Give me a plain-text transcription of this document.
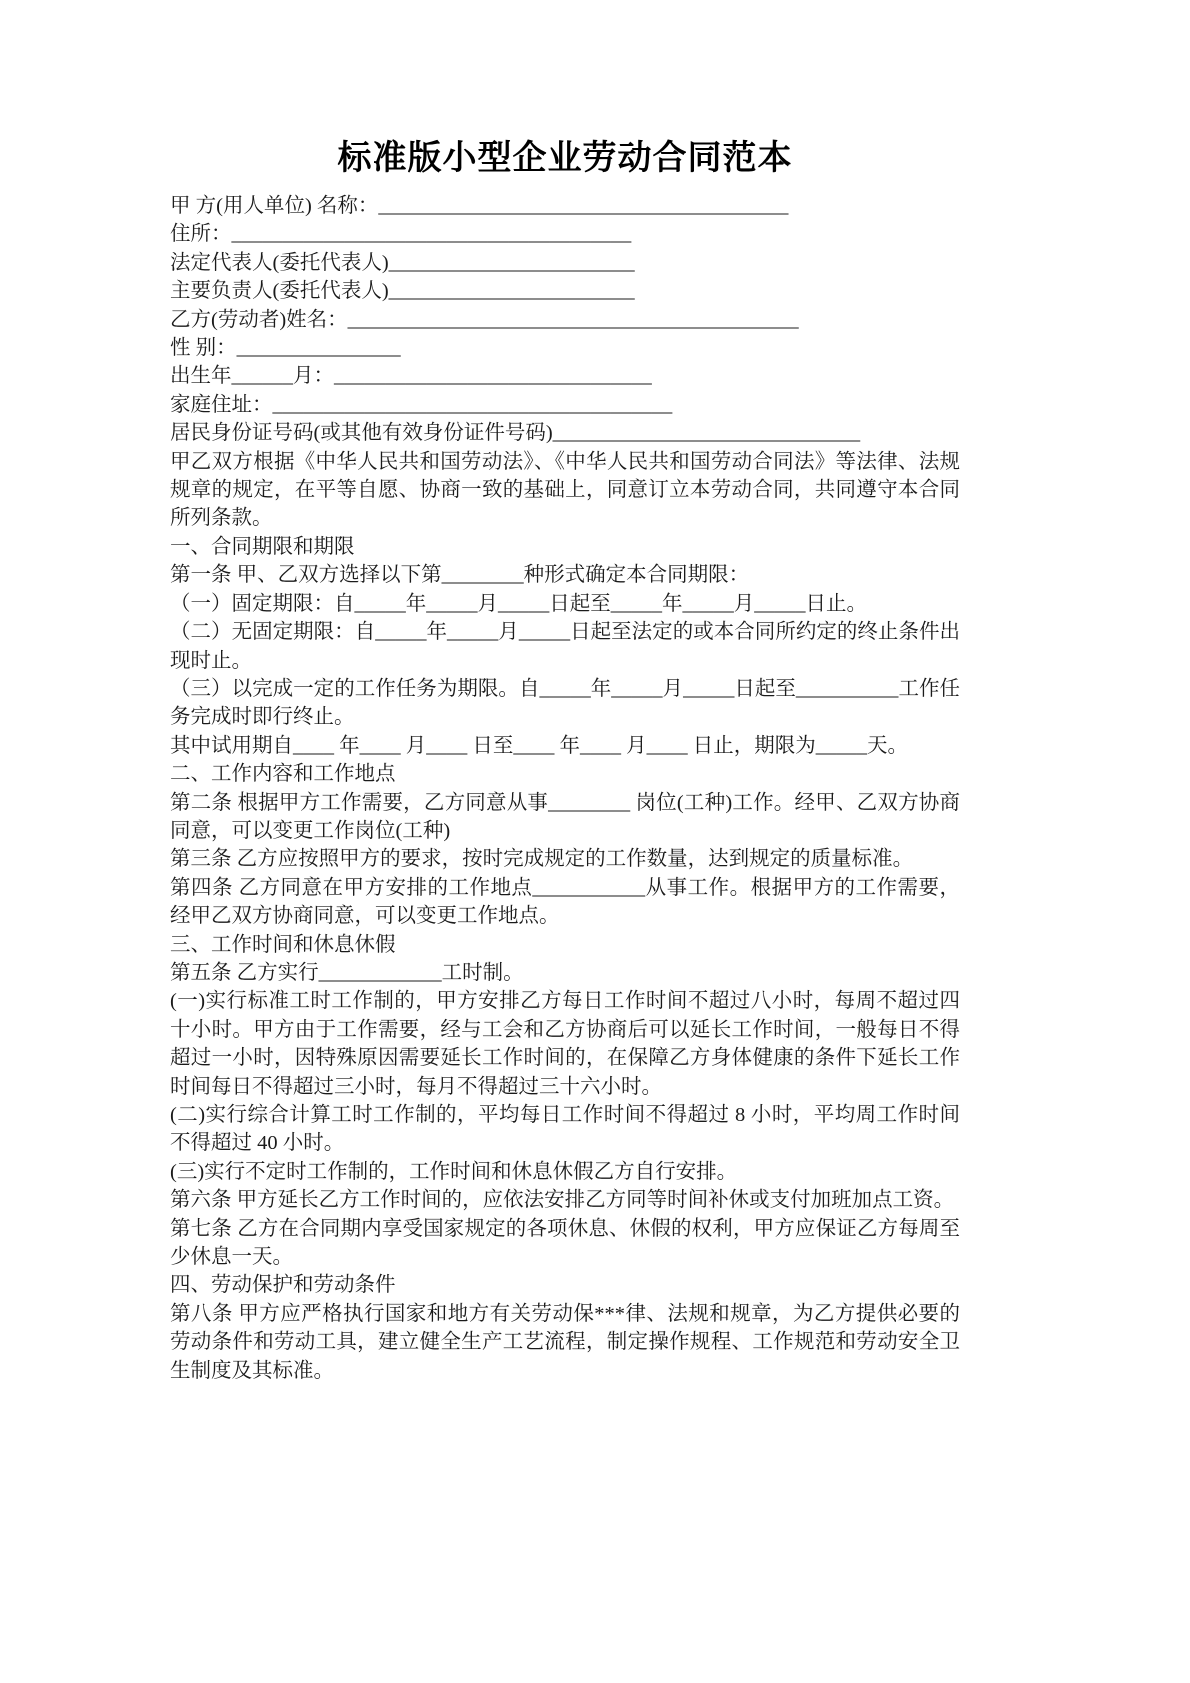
标准版小型企业劳动合同范本

甲 方(用人单位) 名称：________________________________________

住所：_______________________________________

法定代表人(委托代表人)________________________

主要负责人(委托代表人)________________________

乙方(劳动者)姓名：____________________________________________

性 别：________________

出生年______月：_______________________________

家庭住址：_______________________________________

居民身份证号码(或其他有效身份证件号码)______________________________

甲乙双方根据《中华人民共和国劳动法》、《中华人民共和国劳动合同法》等法律、法规规章的规定，在平等自愿、协商一致的基础上，同意订立本劳动合同，共同遵守本合同所列条款。

一、合同期限和期限

第一条 甲、乙双方选择以下第________种形式确定本合同期限：

（一）固定期限：自_____年_____月_____日起至_____年_____月_____日止。

（二）无固定期限：自_____年_____月_____日起至法定的或本合同所约定的终止条件出现时止。

（三）以完成一定的工作任务为期限。自_____年_____月_____日起至__________工作任务完成时即行终止。

其中试用期自____ 年____ 月____ 日至____ 年____ 月____ 日止，期限为_____天。

二、工作内容和工作地点

第二条 根据甲方工作需要，乙方同意从事________ 岗位(工种)工作。经甲、乙双方协商同意，可以变更工作岗位(工种)

第三条 乙方应按照甲方的要求，按时完成规定的工作数量，达到规定的质量标准。

第四条 乙方同意在甲方安排的工作地点___________从事工作。根据甲方的工作需要，经甲乙双方协商同意，可以变更工作地点。

三、工作时间和休息休假

第五条 乙方实行____________工时制。

(一)实行标准工时工作制的，甲方安排乙方每日工作时间不超过八小时，每周不超过四十小时。甲方由于工作需要，经与工会和乙方协商后可以延长工作时间，一般每日不得超过一小时，因特殊原因需要延长工作时间的，在保障乙方身体健康的条件下延长工作时间每日不得超过三小时，每月不得超过三十六小时。

(二)实行综合计算工时工作制的，平均每日工作时间不得超过 8 小时，平均周工作时间不得超过 40 小时。

(三)实行不定时工作制的，工作时间和休息休假乙方自行安排。

第六条 甲方延长乙方工作时间的，应依法安排乙方同等时间补休或支付加班加点工资。

第七条 乙方在合同期内享受国家规定的各项休息、休假的权利，甲方应保证乙方每周至少休息一天。

四、劳动保护和劳动条件

第八条 甲方应严格执行国家和地方有关劳动保***律、法规和规章，为乙方提供必要的劳动条件和劳动工具，建立健全生产工艺流程，制定操作规程、工作规范和劳动安全卫生制度及其标准。
